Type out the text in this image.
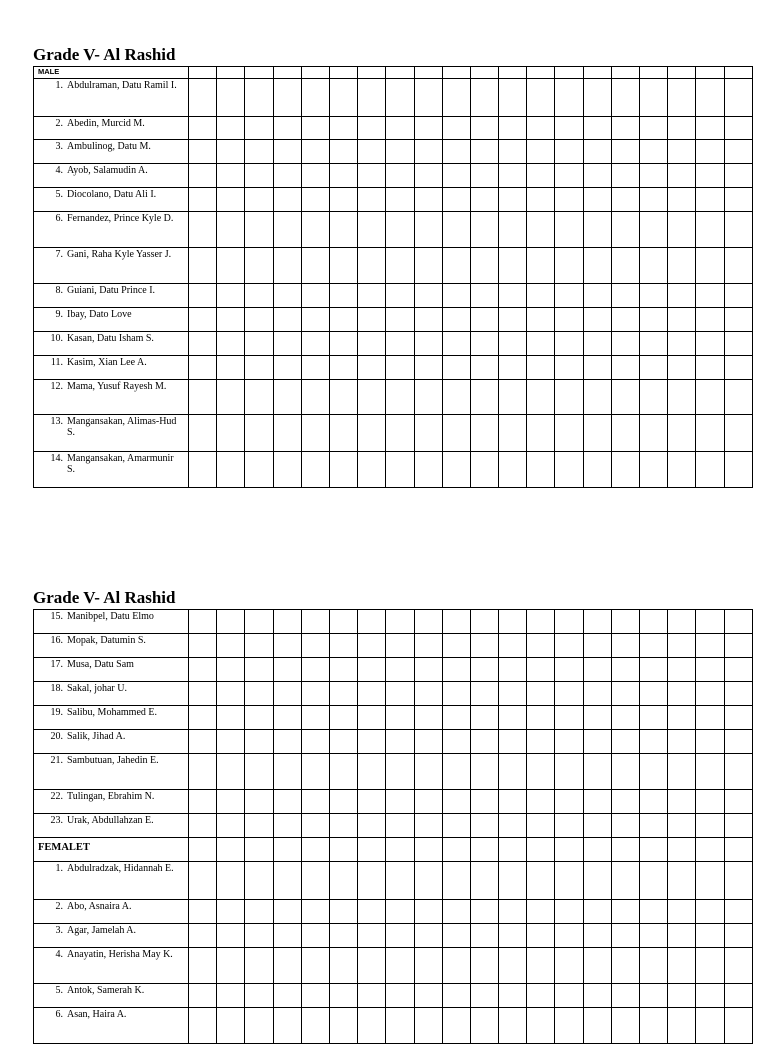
Grade V- Al Rashid
MALE																				

1. Abdulraman, Datu Ramil I.																				

2. Abedin, Murcid M.																				

3. Ambulinog, Datu M.																				

4. Ayob, Salamudin A.																				

5. Diocolano, Datu Ali I.																				

6. Fernandez, Prince Kyle D.																				

7. Gani, Raha Kyle Yasser J.																				

8. Guiani, Datu Prince I.																				

9. Ibay, Dato Love																				

10. Kasan, Datu Isham S.																				

11. Kasim, Xian Lee A.																				

12. Mama, Yusuf Rayesh M.																				

13. Mangansakan, Alimas-Hud S.																				

14. Mangansakan, Amarmunir S.																				

Grade V- Al Rashid
15. Manibpel, Datu Elmo																				

16. Mopak, Datumin S.																				

17. Musa, Datu Sam																				

18. Sakal, johar U.																				

19. Salibu, Mohammed E.																				

20. Salik, Jihad A.																				

21. Sambutuan, Jahedin E.																				

22. Tulingan, Ebrahim N.																				

23. Urak, Abdullahzan E.																				

FEMALET																				

1. Abdulradzak, Hidannah E.																				

2. Abo, Asnaira A.																				

3. Agar, Jamelah A.																				

4. Anayatin, Herisha May K.																				

5. Antok, Samerah K.																				

6. Asan, Haira A.																				
